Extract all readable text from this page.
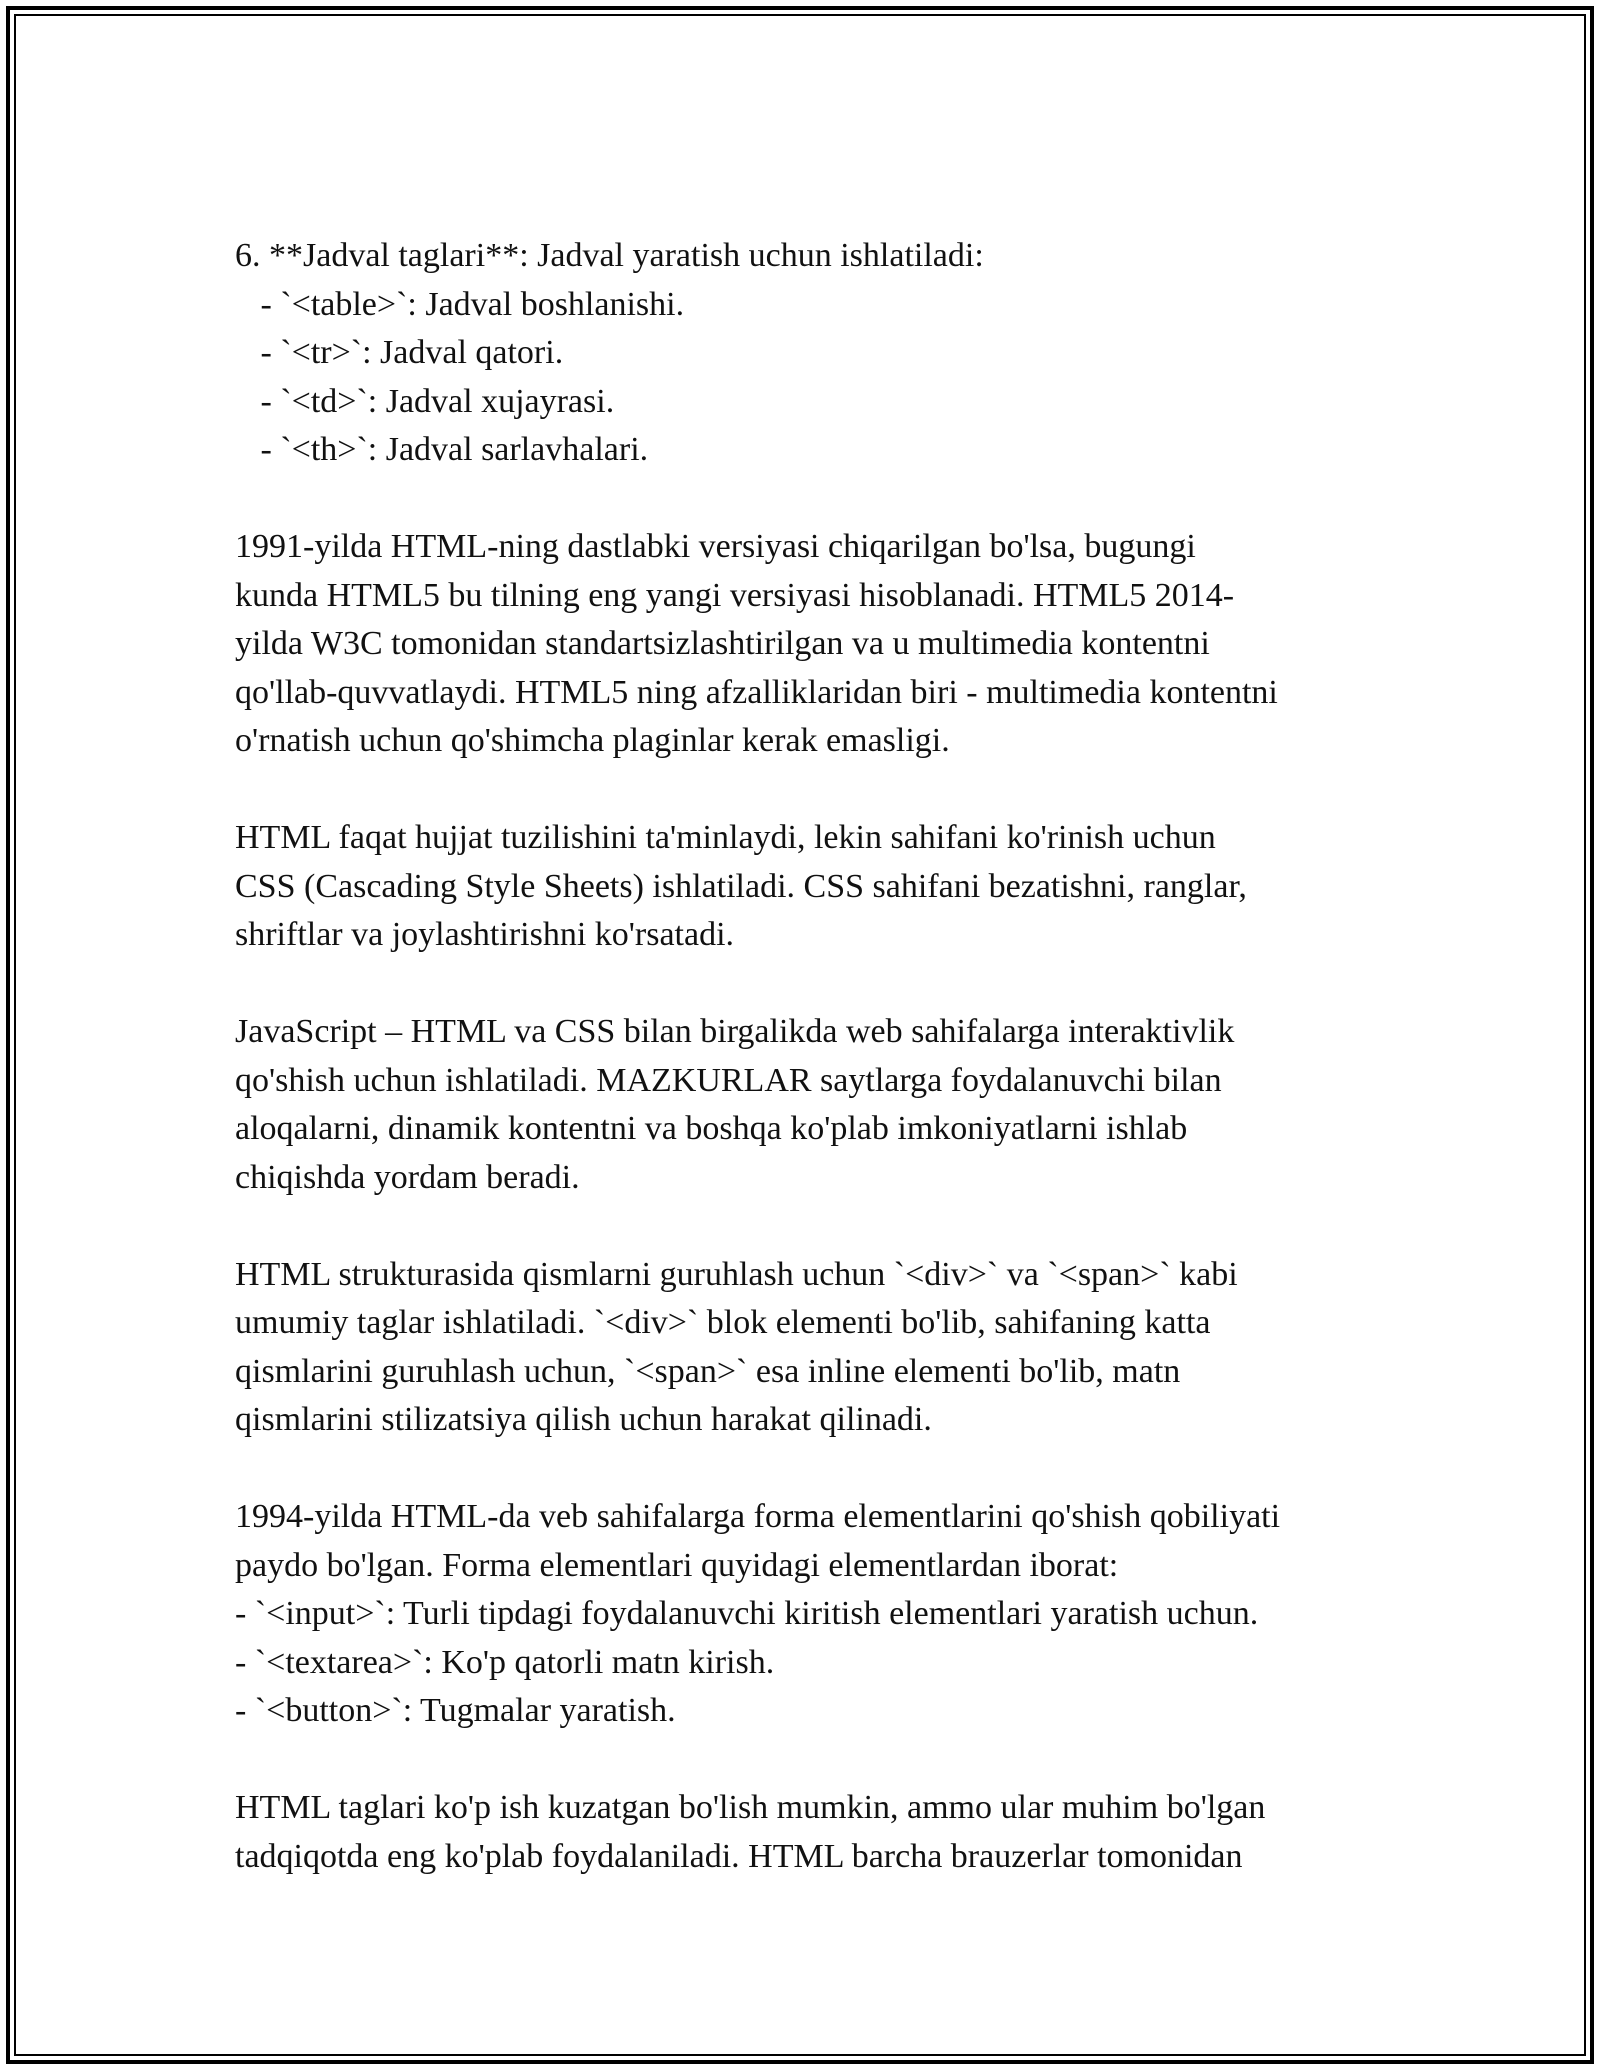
6. **Jadval taglari**: Jadval yaratish uchun ishlatiladi:
- `<table>`: Jadval boshlanishi.
- `<tr>`: Jadval qatori.
- `<td>`: Jadval xujayrasi.
- `<th>`: Jadval sarlavhalari.
1991-yilda HTML-ning dastlabki versiyasi chiqarilgan bo'lsa, bugungi
kunda HTML5 bu tilning eng yangi versiyasi hisoblanadi. HTML5 2014-
yilda W3C tomonidan standartsizlashtirilgan va u multimedia kontentni
qo'llab-quvvatlaydi. HTML5 ning afzalliklaridan biri - multimedia kontentni
o'rnatish uchun qo'shimcha plaginlar kerak emasligi.
HTML faqat hujjat tuzilishini ta'minlaydi, lekin sahifani ko'rinish uchun
CSS (Cascading Style Sheets) ishlatiladi. CSS sahifani bezatishni, ranglar,
shriftlar va joylashtirishni ko'rsatadi.
JavaScript – HTML va CSS bilan birgalikda web sahifalarga interaktivlik
qo'shish uchun ishlatiladi. MAZKURLAR saytlarga foydalanuvchi bilan
aloqalarni, dinamik kontentni va boshqa ko'plab imkoniyatlarni ishlab
chiqishda yordam beradi.
HTML strukturasida qismlarni guruhlash uchun `<div>` va `<span>` kabi
umumiy taglar ishlatiladi. `<div>` blok elementi bo'lib, sahifaning katta
qismlarini guruhlash uchun, `<span>` esa inline elementi bo'lib, matn
qismlarini stilizatsiya qilish uchun harakat qilinadi.
1994-yilda HTML-da veb sahifalarga forma elementlarini qo'shish qobiliyati
paydo bo'lgan. Forma elementlari quyidagi elementlardan iborat:
- `<input>`: Turli tipdagi foydalanuvchi kiritish elementlari yaratish uchun.
- `<textarea>`: Ko'p qatorli matn kirish.
- `<button>`: Tugmalar yaratish.
HTML taglari ko'p ish kuzatgan bo'lish mumkin, ammo ular muhim bo'lgan
tadqiqotda eng ko'plab foydalaniladi. HTML barcha brauzerlar tomonidan
